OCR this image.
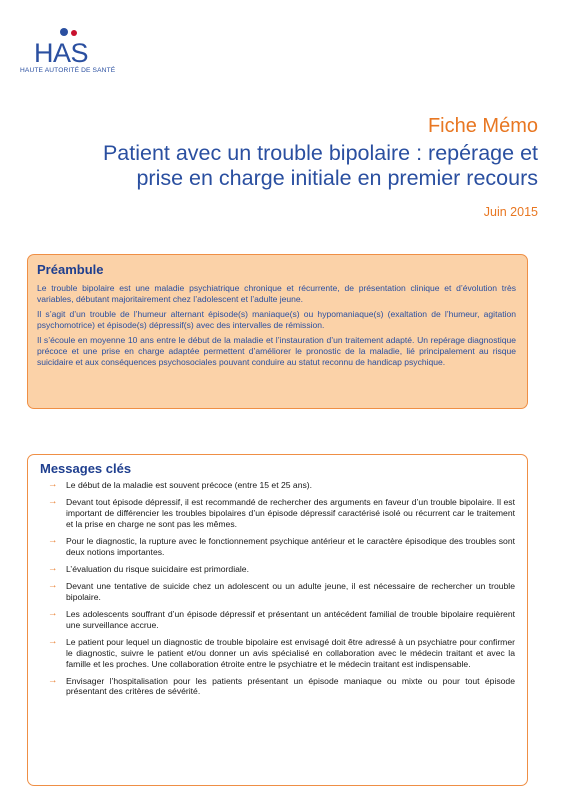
HAS
HAUTE AUTORITÉ DE SANTÉ
Fiche Mémo
Patient avec un trouble bipolaire : repérage et
prise en charge initiale en premier recours
Juin 2015
Préambule

Le trouble bipolaire est une maladie psychiatrique chronique et récurrente, de présentation clinique et d’évolution très variables, débutant majoritairement chez l’adolescent et l’adulte jeune.

Il s’agit d’un trouble de l’humeur alternant épisode(s) maniaque(s) ou hypomaniaque(s) (exaltation de l’humeur, agitation psychomotrice) et épisode(s) dépressif(s) avec des intervalles de rémission.

Il s’écoule en moyenne 10 ans entre le début de la maladie et l’instauration d’un traitement adapté. Un repérage diagnostique précoce et une prise en charge adaptée permettent d’améliorer le pronostic de la maladie, lié principalement au risque suicidaire et aux conséquences psychosociales pouvant conduire au statut reconnu de handicap psychique.

Messages clés
→ Le début de la maladie est souvent précoce (entre 15 et 25 ans).
→ Devant tout épisode dépressif, il est recommandé de rechercher des arguments en faveur d’un trouble bipolaire. Il est important de différencier les troubles bipolaires d’un épisode dépressif caractérisé isolé ou récurrent car le traitement et la prise en charge ne sont pas les mêmes.
→ Pour le diagnostic, la rupture avec le fonctionnement psychique antérieur et le caractère épisodique des troubles sont deux notions importantes.
→ L’évaluation du risque suicidaire est primordiale.
→ Devant une tentative de suicide chez un adolescent ou un adulte jeune, il est nécessaire de rechercher un trouble bipolaire.
→ Les adolescents souffrant d’un épisode dépressif et présentant un antécédent familial de trouble bipolaire requièrent une surveillance accrue.
→ Le patient pour lequel un diagnostic de trouble bipolaire est envisagé doit être adressé à un psychiatre pour confirmer le diagnostic, suivre le patient et/ou donner un avis spécialisé en collaboration avec le médecin traitant et avec la famille et les proches. Une collaboration étroite entre le psychiatre et le médecin traitant est indispensable.
→ Envisager l’hospitalisation pour les patients présentant un épisode maniaque ou mixte ou pour tout épisode présentant des critères de sévérité.
